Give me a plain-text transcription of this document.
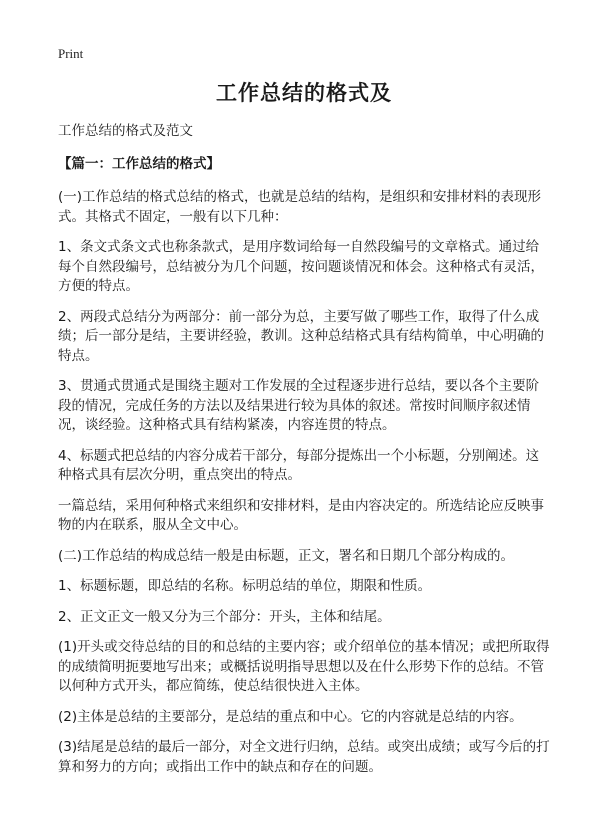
Print
工作总结的格式及
工作总结的格式及范文
【篇一：工作总结的格式】

(一)工作总结的格式总结的格式，也就是总结的结构，是组织和安排材料的表现形式。其格式不固定，一般有以下几种：

1、条文式条文式也称条款式，是用序数词给每一自然段编号的文章格式。通过给每个自然段编号，总结被分为几个问题，按问题谈情况和体会。这种格式有灵活，方便的特点。

2、两段式总结分为两部分：前一部分为总，主要写做了哪些工作，取得了什么成绩；后一部分是结，主要讲经验，教训。这种总结格式具有结构简单，中心明确的特点。

3、贯通式贯通式是围绕主题对工作发展的全过程逐步进行总结，要以各个主要阶段的情况，完成任务的方法以及结果进行较为具体的叙述。常按时间顺序叙述情况，谈经验。这种格式具有结构紧凑，内容连贯的特点。

4、标题式把总结的内容分成若干部分，每部分提炼出一个小标题，分别阐述。这种格式具有层次分明，重点突出的特点。

一篇总结，采用何种格式来组织和安排材料，是由内容决定的。所选结论应反映事物的内在联系，服从全文中心。

(二)工作总结的构成总结一般是由标题，正文，署名和日期几个部分构成的。

1、标题标题，即总结的名称。标明总结的单位，期限和性质。

2、正文正文一般又分为三个部分：开头，主体和结尾。

(1)开头或交待总结的目的和总结的主要内容；或介绍单位的基本情况；或把所取得的成绩简明扼要地写出来；或概括说明指导思想以及在什么形势下作的总结。不管以何种方式开头，都应简练，使总结很快进入主体。

(2)主体是总结的主要部分，是总结的重点和中心。它的内容就是总结的内容。

(3)结尾是总结的最后一部分，对全文进行归纳，总结。或突出成绩；或写今后的打算和努力的方向；或指出工作中的缺点和存在的问题。
